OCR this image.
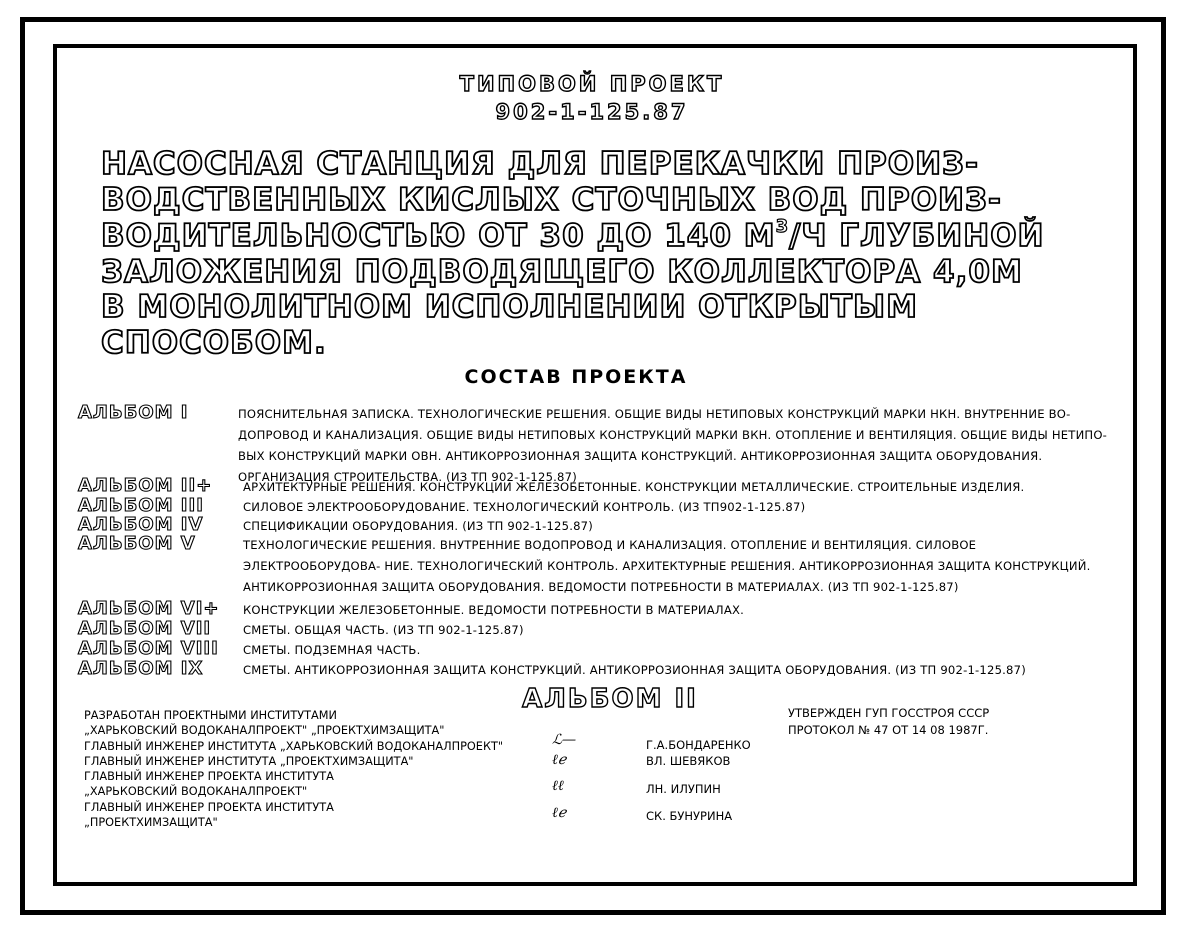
ТИПОВОЙ ПРОЕКТ
902-1-125.87
НАСОСНАЯ СТАНЦИЯ ДЛЯ ПЕРЕКАЧКИ ПРОИЗ-
ВОДСТВЕННЫХ КИСЛЫХ СТОЧНЫХ ВОД ПРОИЗ-
ВОДИТЕЛЬНОСТЬЮ ОТ 30 ДО 140 $М^3/Ч$ ГЛУБИНОЙ
ЗАЛОЖЕНИЯ ПОДВОДЯЩЕГО КОЛЛЕКТОРА 4,0М
В МОНОЛИТНОМ ИСПОЛНЕНИИ ОТКРЫТЫМ
СПОСОБОМ.
СОСТАВ ПРОЕКТА
АЛЬБОМ I	ПОЯСНИТЕЛЬНАЯ ЗАПИСКА. ТЕХНОЛОГИЧЕСКИЕ РЕШЕНИЯ. ОБЩИЕ ВИДЫ НЕТИПОВЫХ КОНСТРУКЦИЙ МАРКИ НКН. ВНУТРЕННИЕ ВО- ДОПРОВОД И КАНАЛИЗАЦИЯ. ОБЩИЕ ВИДЫ НЕТИПОВЫХ КОНСТРУКЦИЙ МАРКИ ВКН. ОТОПЛЕНИЕ И ВЕНТИЛЯЦИЯ. ОБЩИЕ ВИДЫ НЕТИПО- ВЫХ КОНСТРУКЦИЙ МАРКИ ОВН. АНТИКОРРОЗИОННАЯ ЗАЩИТА КОНСТРУКЦИЙ. АНТИКОРРОЗИОННАЯ ЗАЩИТА ОБОРУДОВАНИЯ. ОРГАНИЗАЦИЯ СТРОИТЕЛЬСТВА. (ИЗ ТП 902-1-125.87)
АЛЬБОМ II+	АРХИТЕКТУРНЫЕ РЕШЕНИЯ. КОНСТРУКЦИИ ЖЕЛЕЗОБЕТОННЫЕ. КОНСТРУКЦИИ МЕТАЛЛИЧЕСКИЕ. СТРОИТЕЛЬНЫЕ ИЗДЕЛИЯ.
АЛЬБОМ III	СИЛОВОЕ ЭЛЕКТРООБОРУДОВАНИЕ. ТЕХНОЛОГИЧЕСКИЙ КОНТРОЛЬ. (ИЗ ТП902-1-125.87)
АЛЬБОМ IV	СПЕЦИФИКАЦИИ ОБОРУДОВАНИЯ. (ИЗ ТП 902-1-125.87)
АЛЬБОМ V	ТЕХНОЛОГИЧЕСКИЕ РЕШЕНИЯ. ВНУТРЕННИЕ ВОДОПРОВОД И КАНАЛИЗАЦИЯ. ОТОПЛЕНИЕ И ВЕНТИЛЯЦИЯ. СИЛОВОЕ ЭЛЕКТРООБОРУДОВА- НИЕ. ТЕХНОЛОГИЧЕСКИЙ КОНТРОЛЬ. АРХИТЕКТУРНЫЕ РЕШЕНИЯ. АНТИКОРРОЗИОННАЯ ЗАЩИТА КОНСТРУКЦИЙ. АНТИКОРРОЗИОННАЯ ЗАЩИТА ОБОРУДОВАНИЯ. ВЕДОМОСТИ ПОТРЕБНОСТИ В МАТЕРИАЛАХ. (ИЗ ТП 902-1-125.87)
АЛЬБОМ VI+ КОНСТРУКЦИИ ЖЕЛЕЗОБЕТОННЫЕ. ВЕДОМОСТИ ПОТРЕБНОСТИ В МАТЕРИАЛАХ.
АЛЬБОМ VII	СМЕТЫ. ОБЩАЯ ЧАСТЬ. (ИЗ ТП 902-1-125.87)
АЛЬБОМ VIII СМЕТЫ. ПОДЗЕМНАЯ ЧАСТЬ.
АЛЬБОМ IX	СМЕТЫ. АНТИКОРРОЗИОННАЯ ЗАЩИТА КОНСТРУКЦИЙ. АНТИКОРРОЗИОННАЯ ЗАЩИТА ОБОРУДОВАНИЯ. (ИЗ ТП 902-1-125.87)
АЛЬБОМ II
РАЗРАБОТАН ПРОЕКТНЫМИ ИНСТИТУТАМИ
„ХАРЬКОВСКИЙ ВОДОКАНАЛПРОЕКТ" „ПРОЕКТХИМЗАЩИТА"
ГЛАВНЫЙ ИНЖЕНЕР ИНСТИТУТА „ХАРЬКОВСКИЙ ВОДОКАНАЛПРОЕКТ"
ГЛАВНЫЙ ИНЖЕНЕР ИНСТИТУТА „ПРОЕКТХИМЗАЩИТА"
ГЛАВНЫЙ ИНЖЕНЕР ПРОЕКТА ИНСТИТУТА
„ХАРЬКОВСКИЙ ВОДОКАНАЛПРОЕКТ"
ГЛАВНЫЙ ИНЖЕНЕР ПРОЕКТА ИНСТИТУТА
„ПРОЕКТХИМЗАЩИТА"
ℒ—
ℓℯ
ℓℓ
ℓℯ
Г.А.БОНДАРЕНКО
ВЛ. ШЕВЯКОВ
ЛН. ИЛУПИН
СК. БУНУРИНА
УТВЕРЖДЕН ГУП ГОССТРОЯ СССР
ПРОТОКОЛ № 47 ОТ 14 08 1987Г.
